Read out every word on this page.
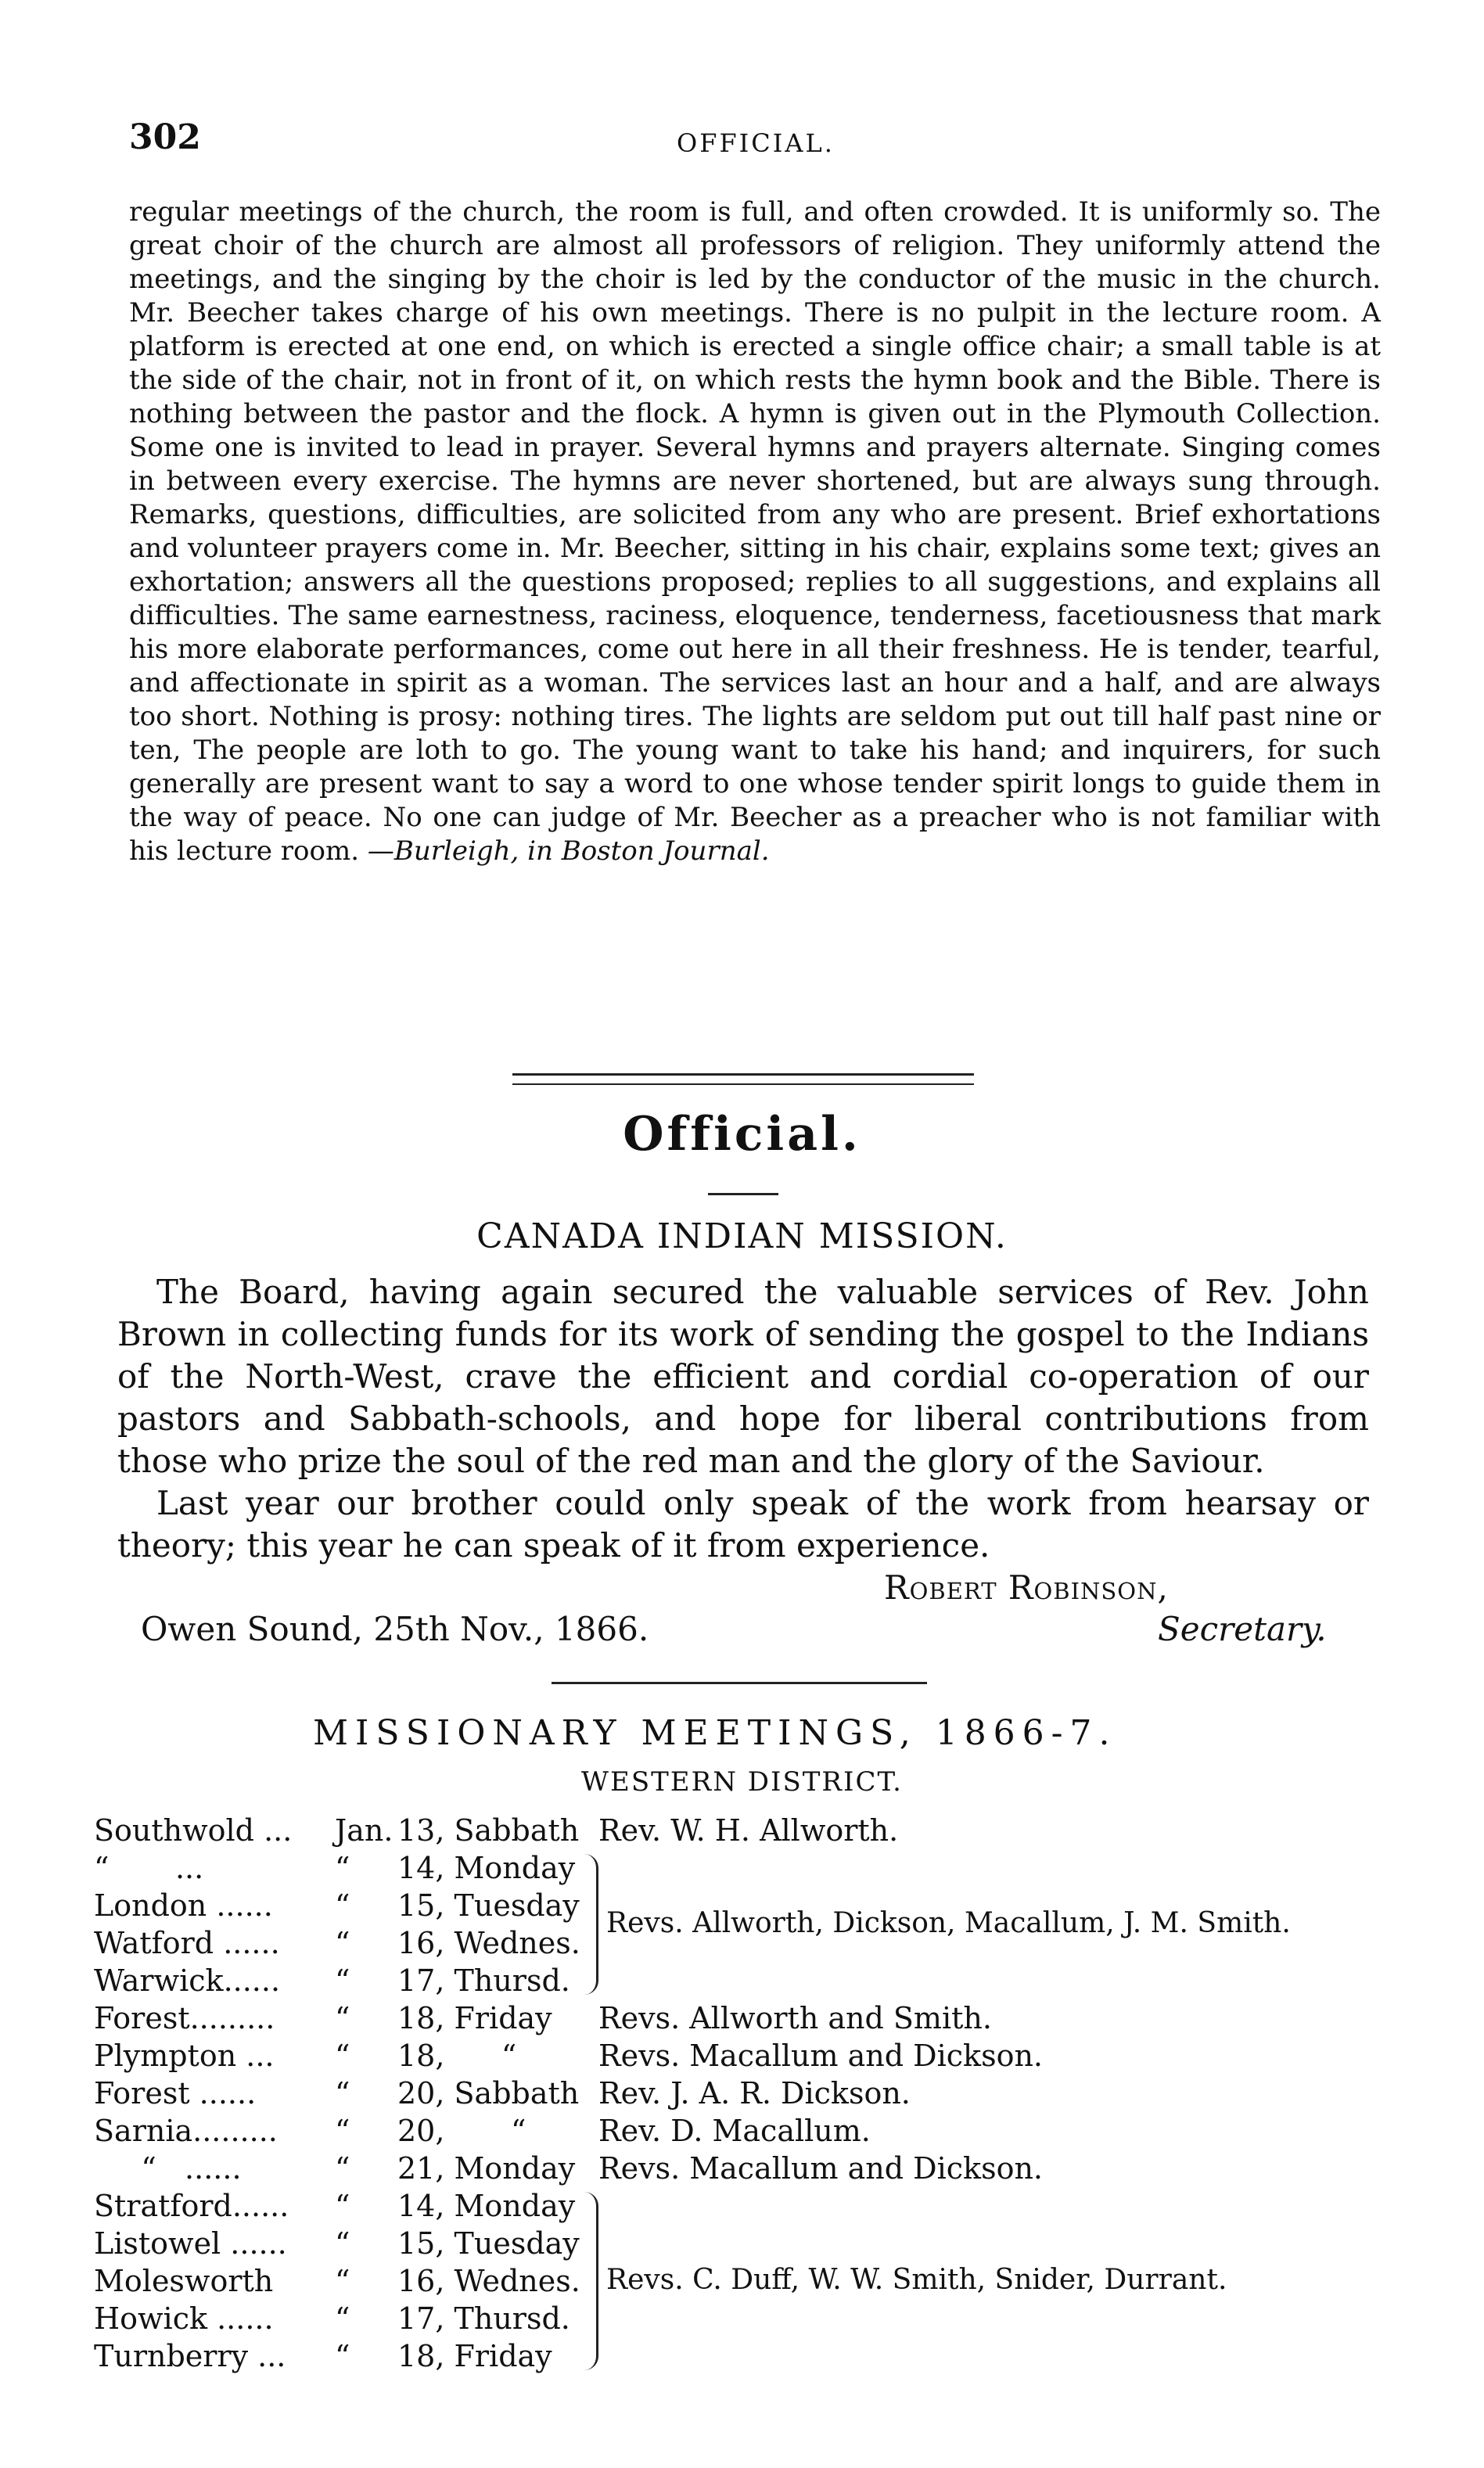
302	OFFICIAL.
regular meetings of the church, the room is full, and often crowded. It is uniformly so. The great choir of the church are almost all professors of religion. They uniformly attend the meetings, and the singing by the choir is led by the conductor of the music in the church. Mr. Beecher takes charge of his own meetings. There is no pulpit in the lecture room. A platform is erected at one end, on which is erected a single office chair; a small table is at the side of the chair, not in front of it, on which rests the hymn book and the Bible. There is nothing between the pastor and the flock. A hymn is given out in the Plymouth Collection. Some one is invited to lead in prayer. Several hymns and prayers alternate. Singing comes in between every exercise. The hymns are never shortened, but are always sung through. Remarks, questions, difficulties, are solicited from any who are present. Brief exhortations and volunteer prayers come in. Mr. Beecher, sitting in his chair, explains some text; gives an exhortation; answers all the questions proposed; replies to all suggestions, and explains all difficulties. The same earnestness, raciness, eloquence, tenderness, facetiousness that mark his more elaborate performances, come out here in all their freshness. He is tender, tearful, and affectionate in spirit as a woman. The services last an hour and a half, and are always too short. Nothing is prosy: nothing tires. The lights are seldom put out till half past nine or ten, The people are loth to go. The young want to take his hand; and inquirers, for such generally are present want to say a word to one whose tender spirit longs to guide them in the way of peace. No one can judge of Mr. Beecher as a preacher who is not familiar with his lecture room. —Burleigh, in Boston Journal.
Official.
CANADA INDIAN MISSION.

The Board, having again secured the valuable services of Rev. John Brown in collecting funds for its work of sending the gospel to the Indians of the North-West, crave the efficient and cordial co-operation of our pastors and Sabbath-schools, and hope for liberal contributions from those who prize the soul of the red man and the glory of the Saviour.

Last year our brother could only speak of the work from hearsay or theory; this year he can speak of it from experience.

Robert Robinson,
Owen Sound, 25th Nov., 1866.	Secretary.
MISSIONARY MEETINGS, 1866-7.
WESTERN DISTRICT.
Southwold ...	Jan. 13, Sabbath Rev. W. H. Allworth.
“       ...	“ 14, Monday
London ......	“ 15, Tuesday
Watford ......	“ 16, Wednes.
Warwick......	“ 17, Thursd.
Revs. Allworth, Dickson, Macallum, J. M. Smith.
Forest.........	“ 18, Friday Revs. Allworth and Smith.
Plympton ...	“ 18,      “	Revs. Macallum and Dickson.
Forest ......	“ 20, Sabbath Rev. J. A. R. Dickson.
Sarnia.........	“ 20,       “ Rev. D. Macallum.
“   ......	“ 21, Monday Revs. Macallum and Dickson.
Stratford......	“ 14, Monday
Listowel ......	“ 15, Tuesday
Molesworth	“ 16, Wednes.
Howick ......	“ 17, Thursd.
Turnberry ...	“ 18, Friday
Revs. C. Duff, W. W. Smith, Snider, Durrant.
